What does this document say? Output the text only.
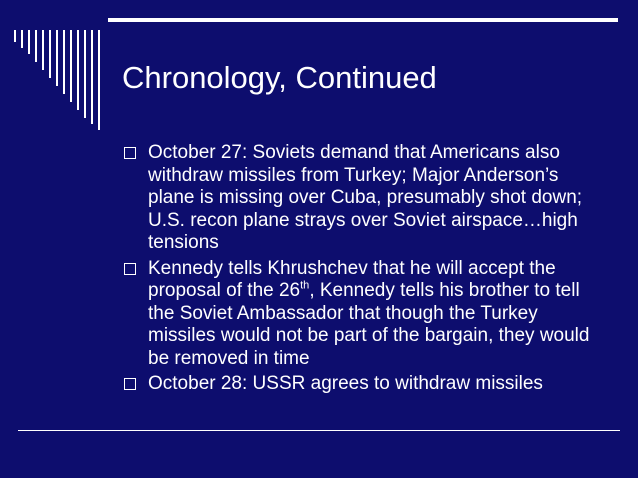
Chronology, Continued

October 27: Soviets demand that Americans also withdraw missiles from Turkey; Major Anderson’s plane is missing over Cuba, presumably shot down; U.S. recon plane strays over Soviet airspace…high tensions

Kennedy tells Khrushchev that he will accept the proposal of the 26th, Kennedy tells his brother to tell the Soviet Ambassador that though the Turkey missiles would not be part of the bargain, they would be removed in time

October 28: USSR agrees to withdraw missiles
